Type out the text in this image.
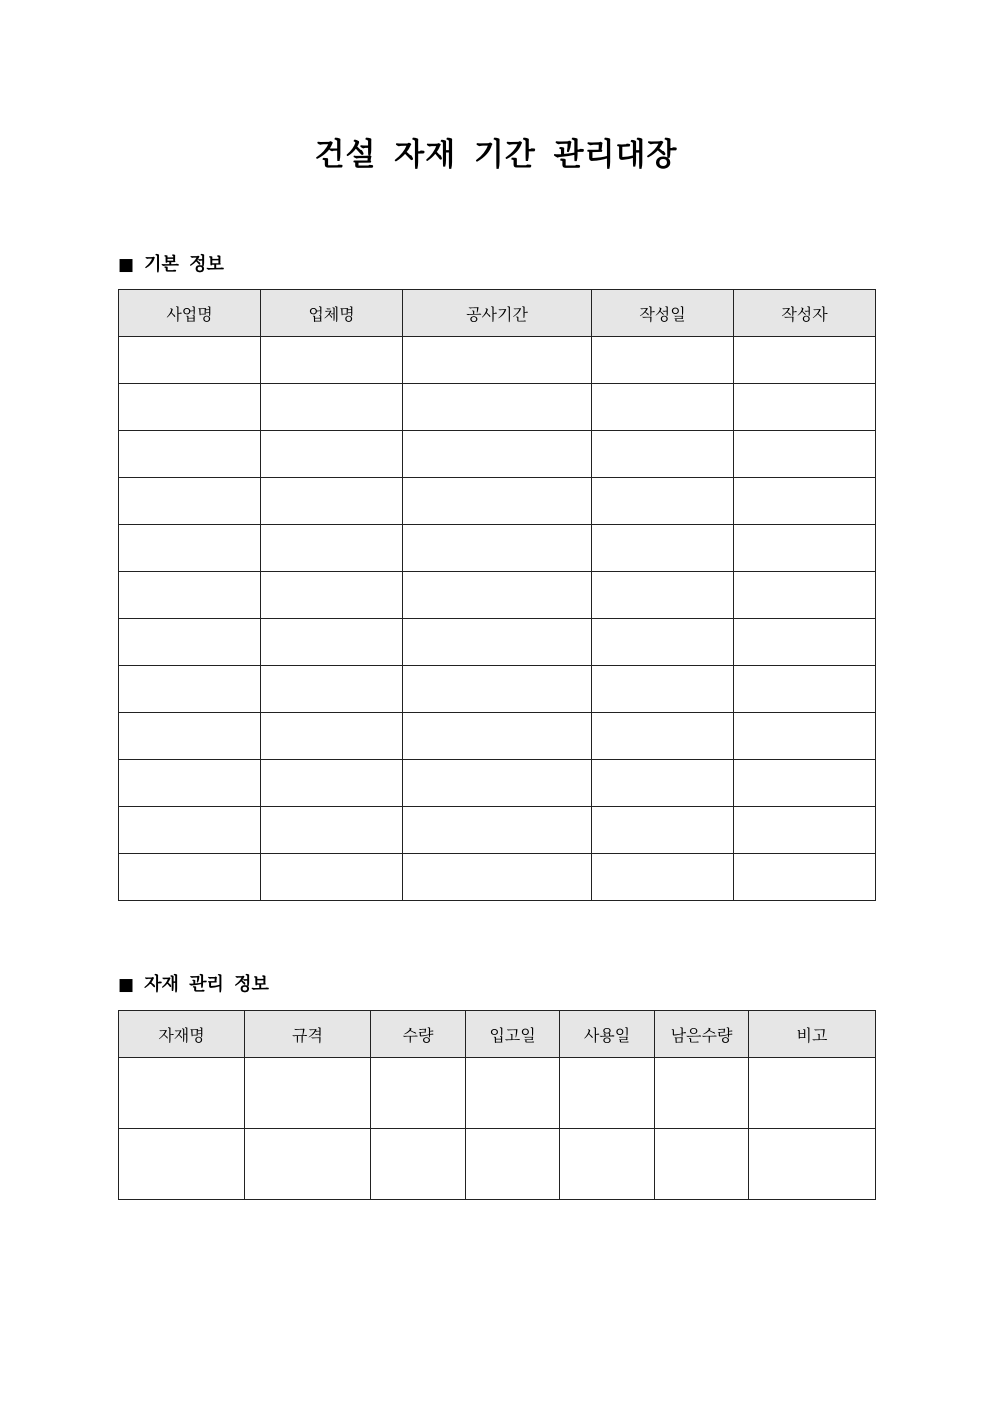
건설 자재 기간 관리대장
■ 기본 정보
사업명	업체명	공사기간	작성일	작성자

■ 자재 관리 정보
자재명	규격	수량	입고일	사용일	남은수량	비고
